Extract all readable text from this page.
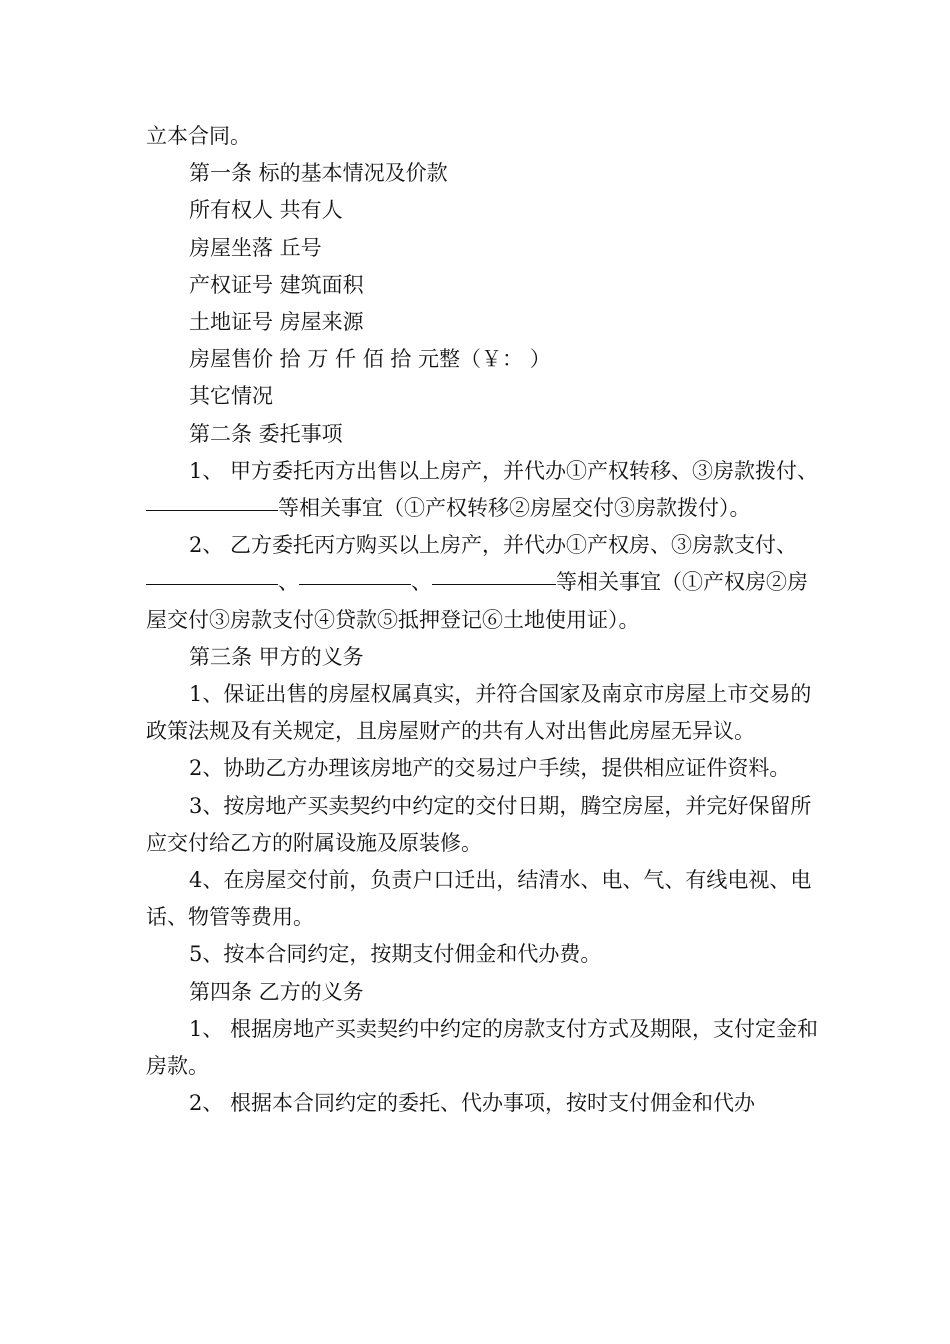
立本合同。

第一条 标的基本情况及价款

所有权人 共有人

房屋坐落 丘号

产权证号 建筑面积

土地证号 房屋来源

房屋售价 拾 万 仟 佰 拾 元整（￥： ）

其它情况

第二条 委托事项

1、 甲方委托丙方出售以上房产，并代办①产权转移、③房款拨付、等相关事宜（①产权转移②房屋交付③房款拨付）。

2、 乙方委托丙方购买以上房产，并代办①产权房、③房款支付、、	、	等相关事宜（①产权房②房屋交付③房款支付④贷款⑤抵押登记⑥土地使用证）。

第三条 甲方的义务

1、保证出售的房屋权属真实，并符合国家及南京市房屋上市交易的政策法规及有关规定，且房屋财产的共有人对出售此房屋无异议。

2、协助乙方办理该房地产的交易过户手续，提供相应证件资料。

3、按房地产买卖契约中约定的交付日期，腾空房屋，并完好保留所应交付给乙方的附属设施及原装修。

4、在房屋交付前，负责户口迁出，结清水、电、气、有线电视、电话、物管等费用。

5、按本合同约定，按期支付佣金和代办费。

第四条 乙方的义务

1、 根据房地产买卖契约中约定的房款支付方式及期限，支付定金和房款。

2、 根据本合同约定的委托、代办事项，按时支付佣金和代办
